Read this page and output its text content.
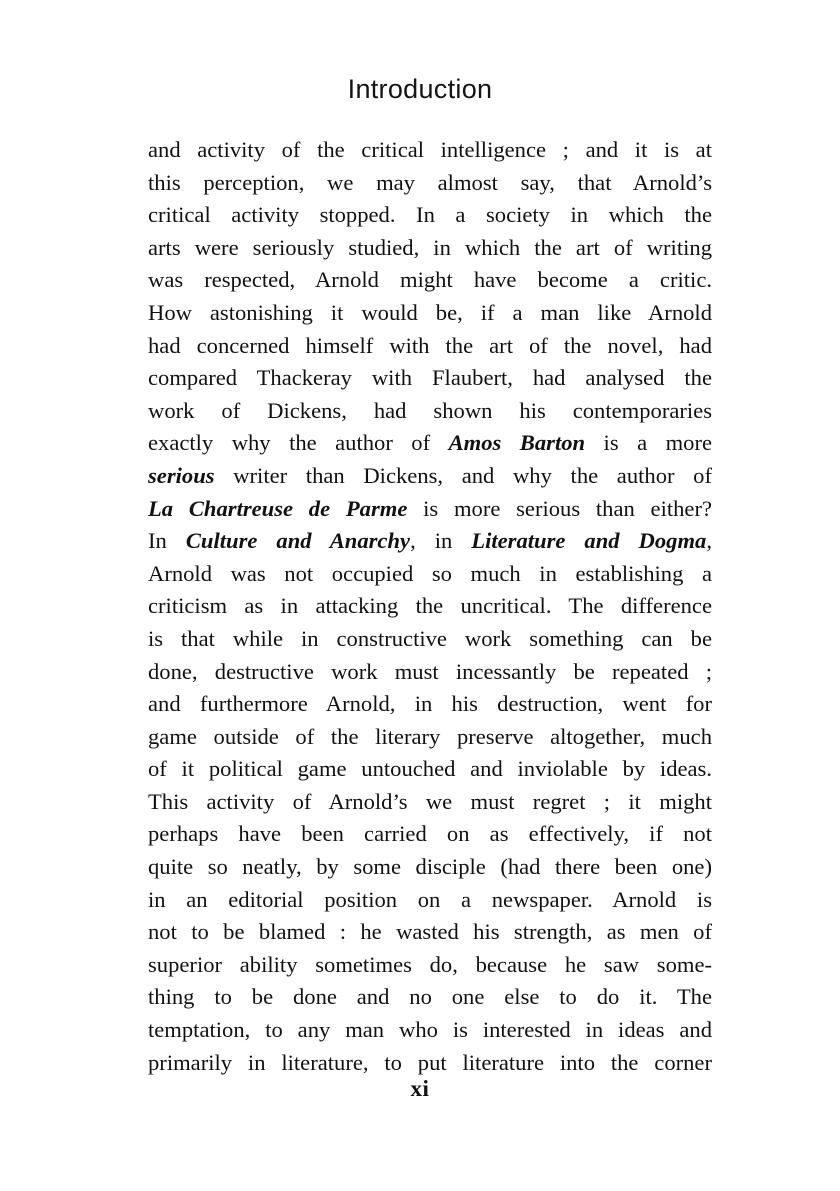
Introduction
and activity of the critical intelligence ; and it is at
this perception, we may almost say, that Arnold’s
critical activity stopped. In a society in which the
arts were seriously studied, in which the art of writing
was respected, Arnold might have become a critic.
How astonishing it would be, if a man like Arnold
had concerned himself with the art of the novel, had
compared Thackeray with Flaubert, had analysed the
work of Dickens, had shown his contemporaries
exactly why the author of Amos Barton is a more
serious writer than Dickens, and why the author of
La Chartreuse de Parme is more serious than either?
In Culture and Anarchy, in Literature and Dogma,
Arnold was not occupied so much in establishing a
criticism as in attacking the uncritical. The difference
is that while in constructive work something can be
done, destructive work must incessantly be repeated ;
and furthermore Arnold, in his destruction, went for
game outside of the literary preserve altogether, much
of it political game untouched and inviolable by ideas.
This activity of Arnold’s we must regret ; it might
perhaps have been carried on as effectively, if not
quite so neatly, by some disciple (had there been one)
in an editorial position on a newspaper. Arnold is
not to be blamed : he wasted his strength, as men of
superior ability sometimes do, because he saw some-
thing to be done and no one else to do it. The
temptation, to any man who is interested in ideas and
primarily in literature, to put literature into the corner
xi
